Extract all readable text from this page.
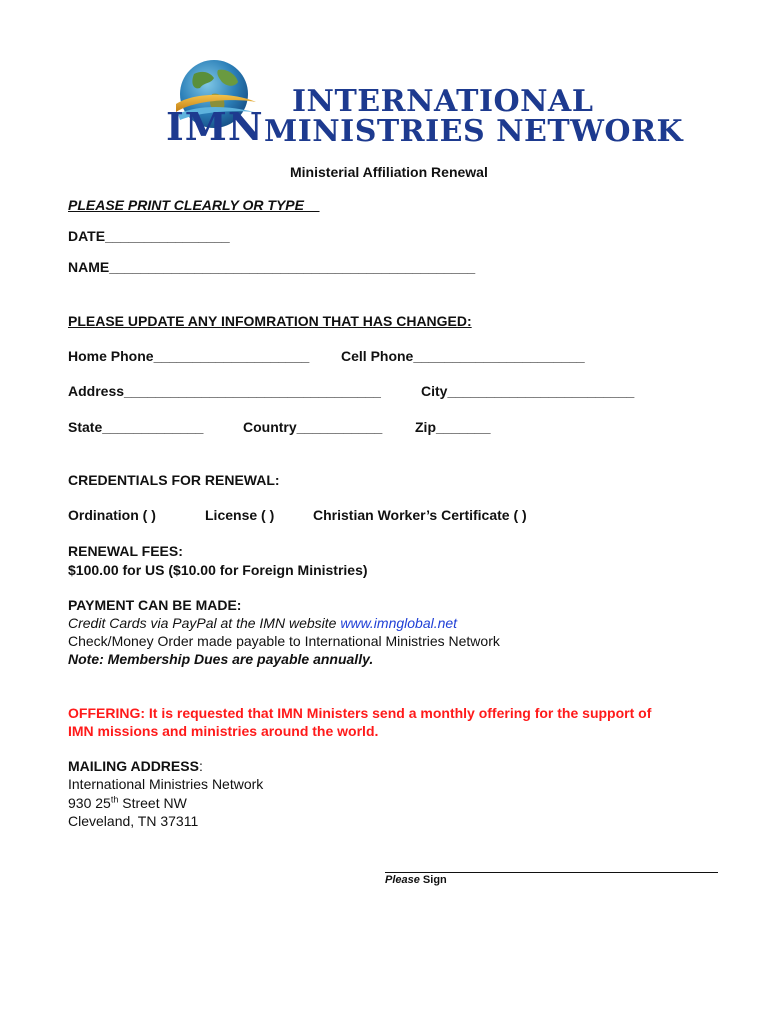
INTERNATIONAL
IMN MINISTRIES NETWORK
Ministerial Affiliation Renewal
PLEASE PRINT CLEARLY OR TYPE__
DATE________________
NAME_______________________________________________
PLEASE UPDATE ANY INFOMRATION THAT HAS CHANGED:
Home Phone____________________ Cell Phone______________________
Address_________________________________	City________________________
State_____________	Country___________ Zip_______
CREDENTIALS FOR RENEWAL:
Ordination ( )	License ( )	Christian Worker’s Certificate ( )
RENEWAL FEES:
$100.00 for US ($10.00 for Foreign Ministries)
PAYMENT CAN BE MADE:
Credit Cards via PayPal at the IMN website www.imnglobal.net
Check/Money Order made payable to International Ministries Network
Note: Membership Dues are payable annually.
OFFERING: It is requested that IMN Ministers send a monthly offering for the support of
IMN missions and ministries around the world.
MAILING ADDRESS:
International Ministries Network
930 25th Street NW
Cleveland, TN 37311
Please Sign
